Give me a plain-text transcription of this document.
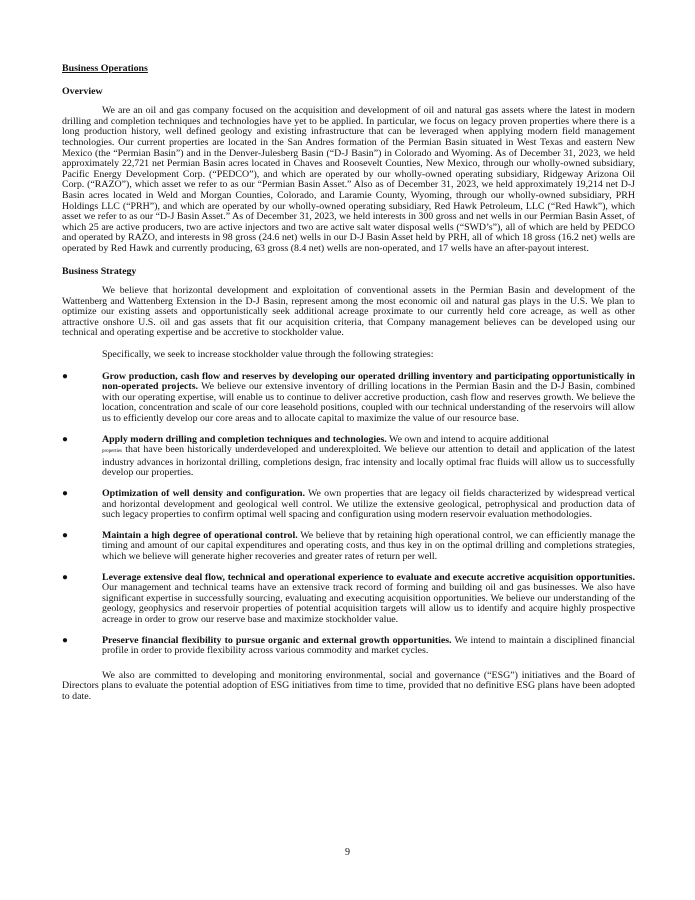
Business Operations

Overview

We are an oil and gas company focused on the acquisition and development of oil and natural gas assets where the latest in modern drilling and completion techniques and technologies have yet to be applied. In particular, we focus on legacy proven properties where there is a long production history, well defined geology and existing infrastructure that can be leveraged when applying modern field management technologies. Our current properties are located in the San Andres formation of the Permian Basin situated in West Texas and eastern New Mexico (the “Permian Basin”) and in the Denver-Julesberg Basin (“D-J Basin”) in Colorado and Wyoming. As of December 31, 2023, we held approximately 22,721 net Permian Basin acres located in Chaves and Roosevelt Counties, New Mexico, through our wholly-owned subsidiary, Pacific Energy Development Corp. (“PEDCO”), and which are operated by our wholly-owned operating subsidiary, Ridgeway Arizona Oil Corp. (“RAZO”), which asset we refer to as our “Permian Basin Asset.” Also as of December 31, 2023, we held approximately 19,214 net D-J Basin acres located in Weld and Morgan Counties, Colorado, and Laramie County, Wyoming, through our wholly-owned subsidiary, PRH Holdings LLC (“PRH”), and which are operated by our wholly-owned operating subsidiary, Red Hawk Petroleum, LLC (“Red Hawk”), which asset we refer to as our “D-J Basin Asset.” As of December 31, 2023, we held interests in 300 gross and net wells in our Permian Basin Asset, of which 25 are active producers, two are active injectors and two are active salt water disposal wells (“SWD’s”), all of which are held by PEDCO and operated by RAZO, and interests in 98 gross (24.6 net) wells in our D-J Basin Asset held by PRH, all of which 18 gross (16.2 net) wells are operated by Red Hawk and currently producing, 63 gross (8.4 net) wells are non-operated, and 17 wells have an after-payout interest.

Business Strategy

We believe that horizontal development and exploitation of conventional assets in the Permian Basin and development of the Wattenberg and Wattenberg Extension in the D-J Basin, represent among the most economic oil and natural gas plays in the U.S. We plan to optimize our existing assets and opportunistically seek additional acreage proximate to our currently held core acreage, as well as other attractive onshore U.S. oil and gas assets that fit our acquisition criteria, that Company management believes can be developed using our technical and operating expertise and be accretive to stockholder value.

Specifically, we seek to increase stockholder value through the following strategies:

●	Grow production, cash flow and reserves by developing our operated drilling inventory and participating opportunistically in non-operated projects. We believe our extensive inventory of drilling locations in the Permian Basin and the D-J Basin, combined with our operating expertise, will enable us to continue to deliver accretive production, cash flow and reserves growth. We believe the location, concentration and scale of our core leasehold positions, coupled with our technical understanding of the reservoirs will allow us to efficiently develop our core areas and to allocate capital to maximize the value of our resource base.
●	Apply modern drilling and completion techniques and technologies. We own and intend to acquire additional
properties that have been historically underdeveloped and underexploited. We believe our attention to detail and application of the latest industry advances in horizontal drilling, completions design, frac intensity and locally optimal frac fluids will allow us to successfully develop our properties.
●	Optimization of well density and configuration. We own properties that are legacy oil fields characterized by widespread vertical and horizontal development and geological well control. We utilize the extensive geological, petrophysical and production data of such legacy properties to confirm optimal well spacing and configuration using modern reservoir evaluation methodologies.
●	Maintain a high degree of operational control. We believe that by retaining high operational control, we can efficiently manage the timing and amount of our capital expenditures and operating costs, and thus key in on the optimal drilling and completions strategies, which we believe will generate higher recoveries and greater rates of return per well.
●	Leverage extensive deal flow, technical and operational experience to evaluate and execute accretive acquisition opportunities. Our management and technical teams have an extensive track record of forming and building oil and gas businesses. We also have significant expertise in successfully sourcing, evaluating and executing acquisition opportunities. We believe our understanding of the geology, geophysics and reservoir properties of potential acquisition targets will allow us to identify and acquire highly prospective acreage in order to grow our reserve base and maximize stockholder value.
●	Preserve financial flexibility to pursue organic and external growth opportunities. We intend to maintain a disciplined financial profile in order to provide flexibility across various commodity and market cycles.

We also are committed to developing and monitoring environmental, social and governance (“ESG”) initiatives and the Board of Directors plans to evaluate the potential adoption of ESG initiatives from time to time, provided that no definitive ESG plans have been adopted to date.

9
